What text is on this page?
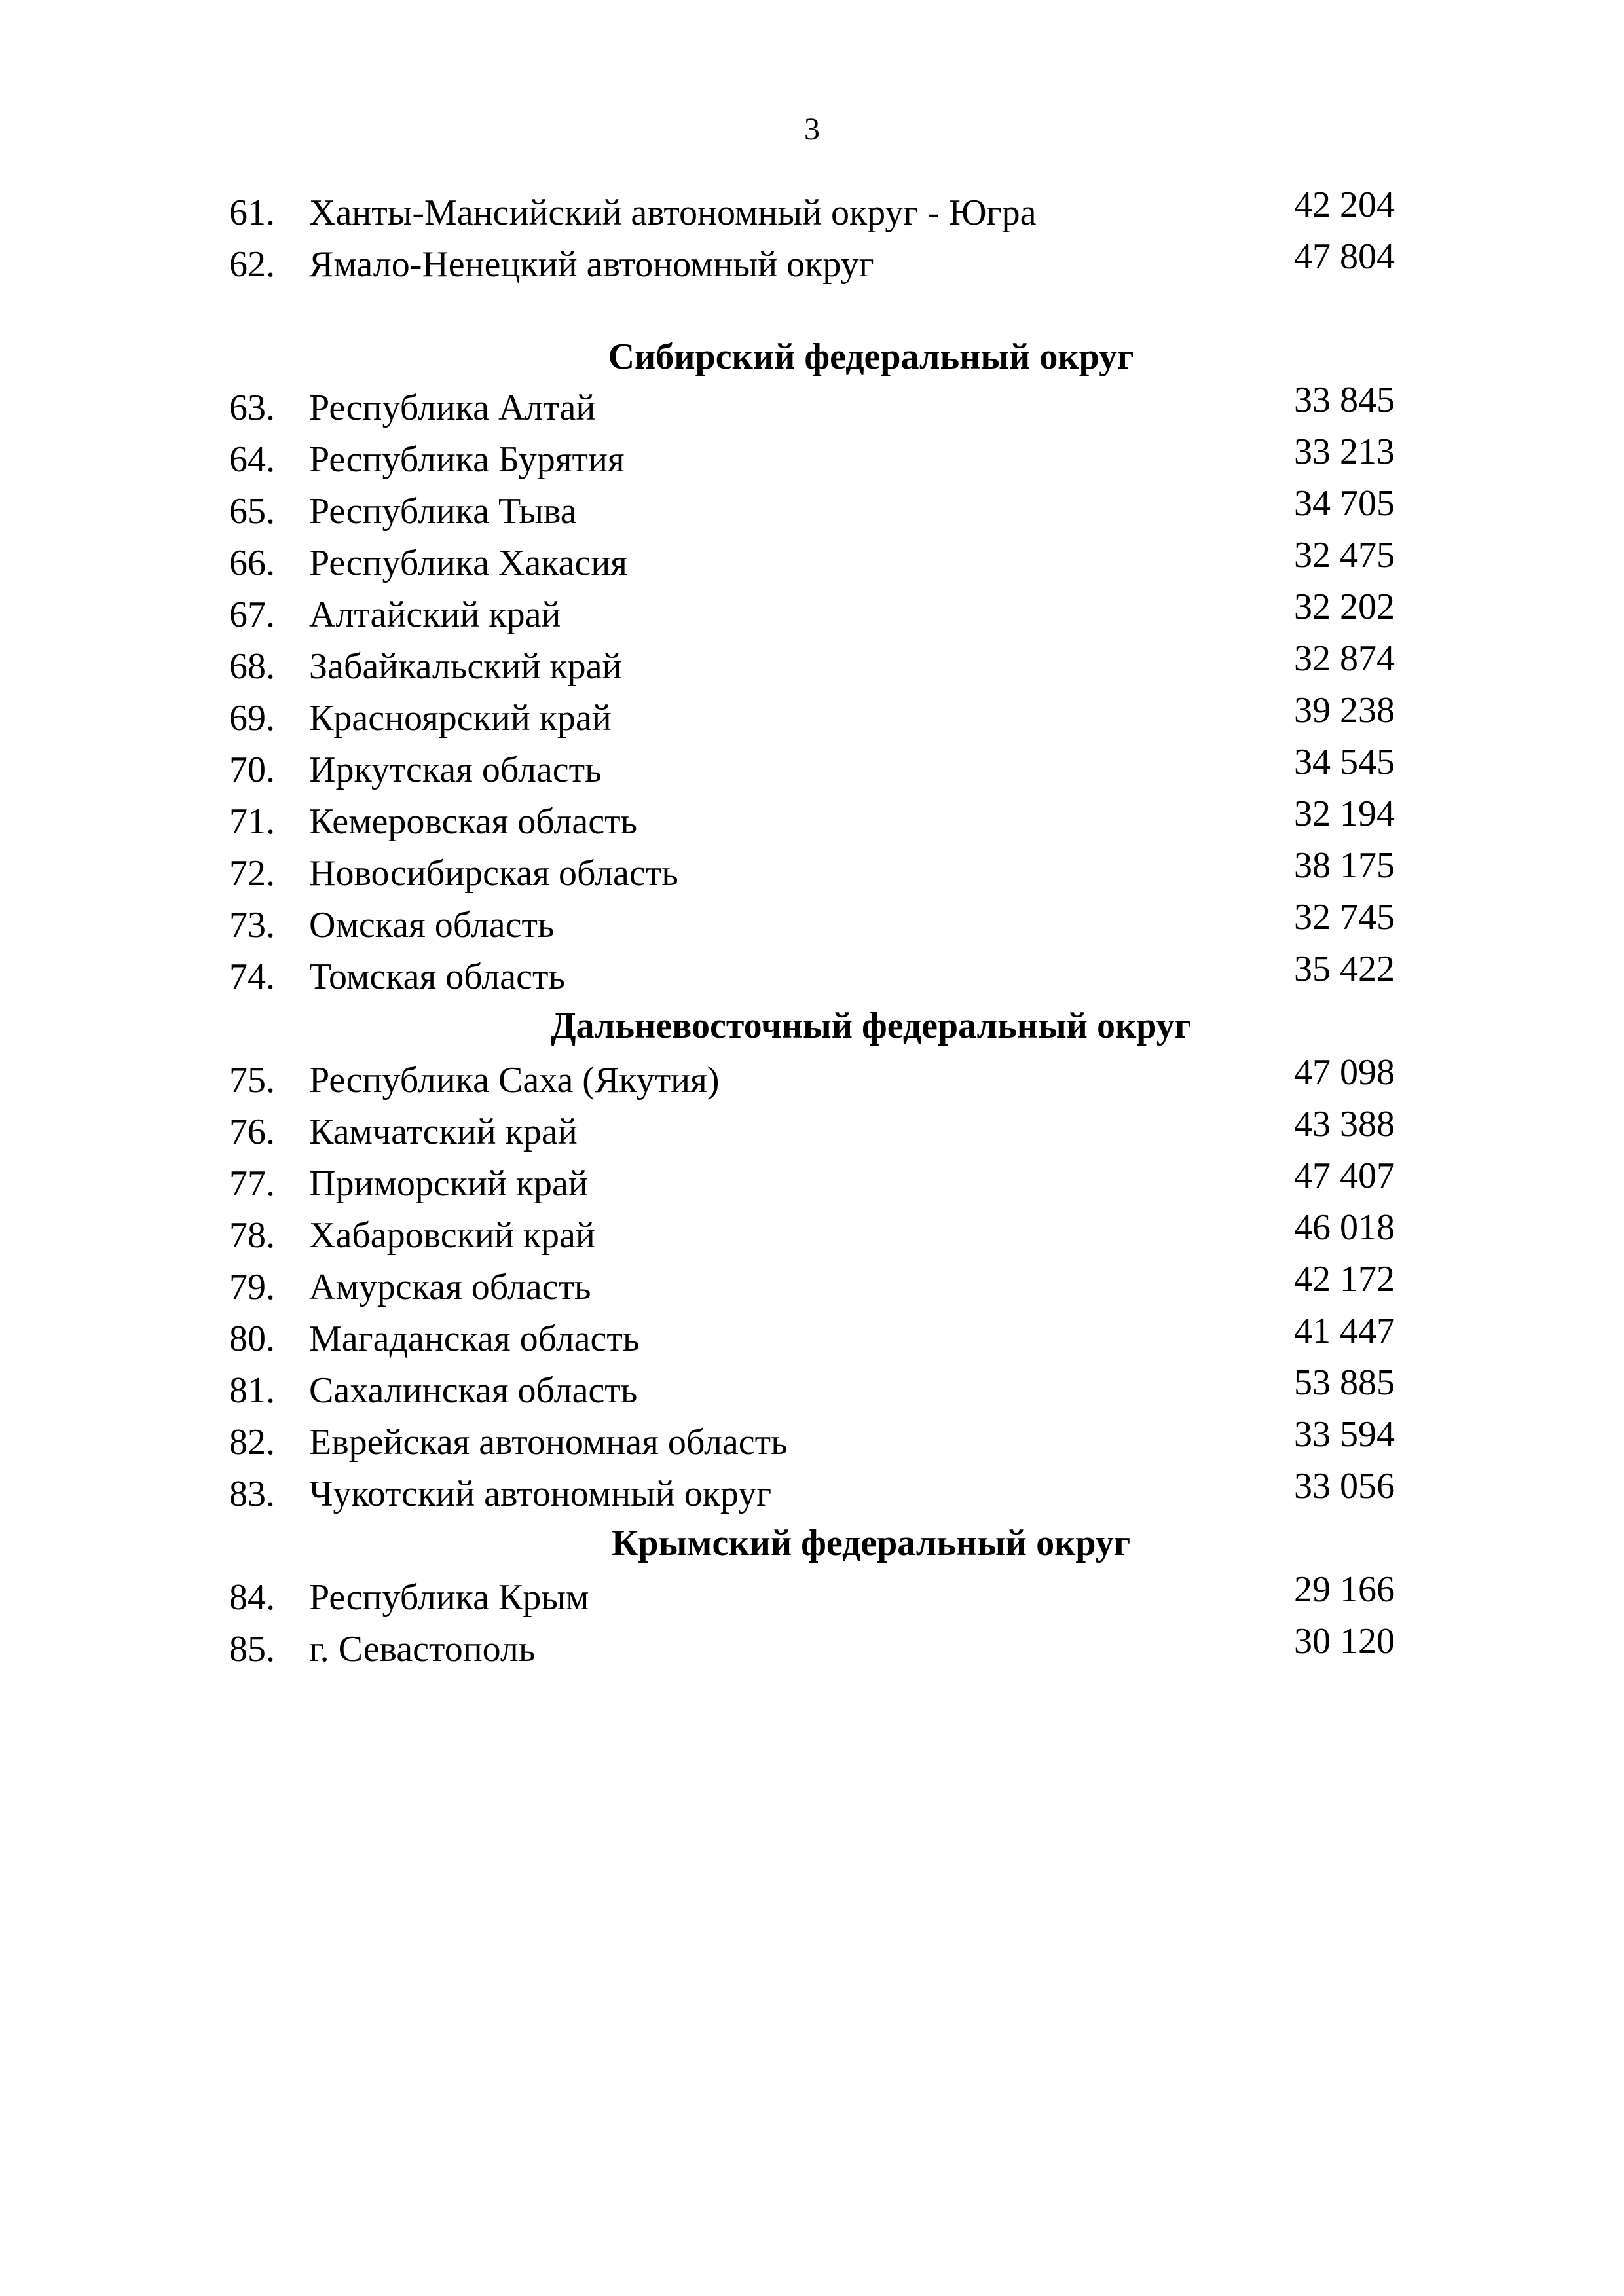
3
61. Ханты-Мансийский автономный округ - Югра	42 204
62. Ямало-Ненецкий автономный округ	47 804
Сибирский федеральный округ
63. Республика Алтай	33 845
64. Республика Бурятия	33 213
65. Республика Тыва	34 705
66. Республика Хакасия	32 475
67. Алтайский край	32 202
68. Забайкальский край	32 874
69. Красноярский край	39 238
70. Иркутская область	34 545
71. Кемеровская область	32 194
72. Новосибирская область	38 175
73. Омская область	32 745
74. Томская область	35 422
Дальневосточный федеральный округ
75. Республика Саха (Якутия)	47 098
76. Камчатский край	43 388
77. Приморский край	47 407
78. Хабаровский край	46 018
79. Амурская область	42 172
80. Магаданская область	41 447
81. Сахалинская область	53 885
82. Еврейская автономная область	33 594
83. Чукотский автономный округ	33 056
Крымский федеральный округ
84. Республика Крым	29 166
85. г. Севастополь	30 120
